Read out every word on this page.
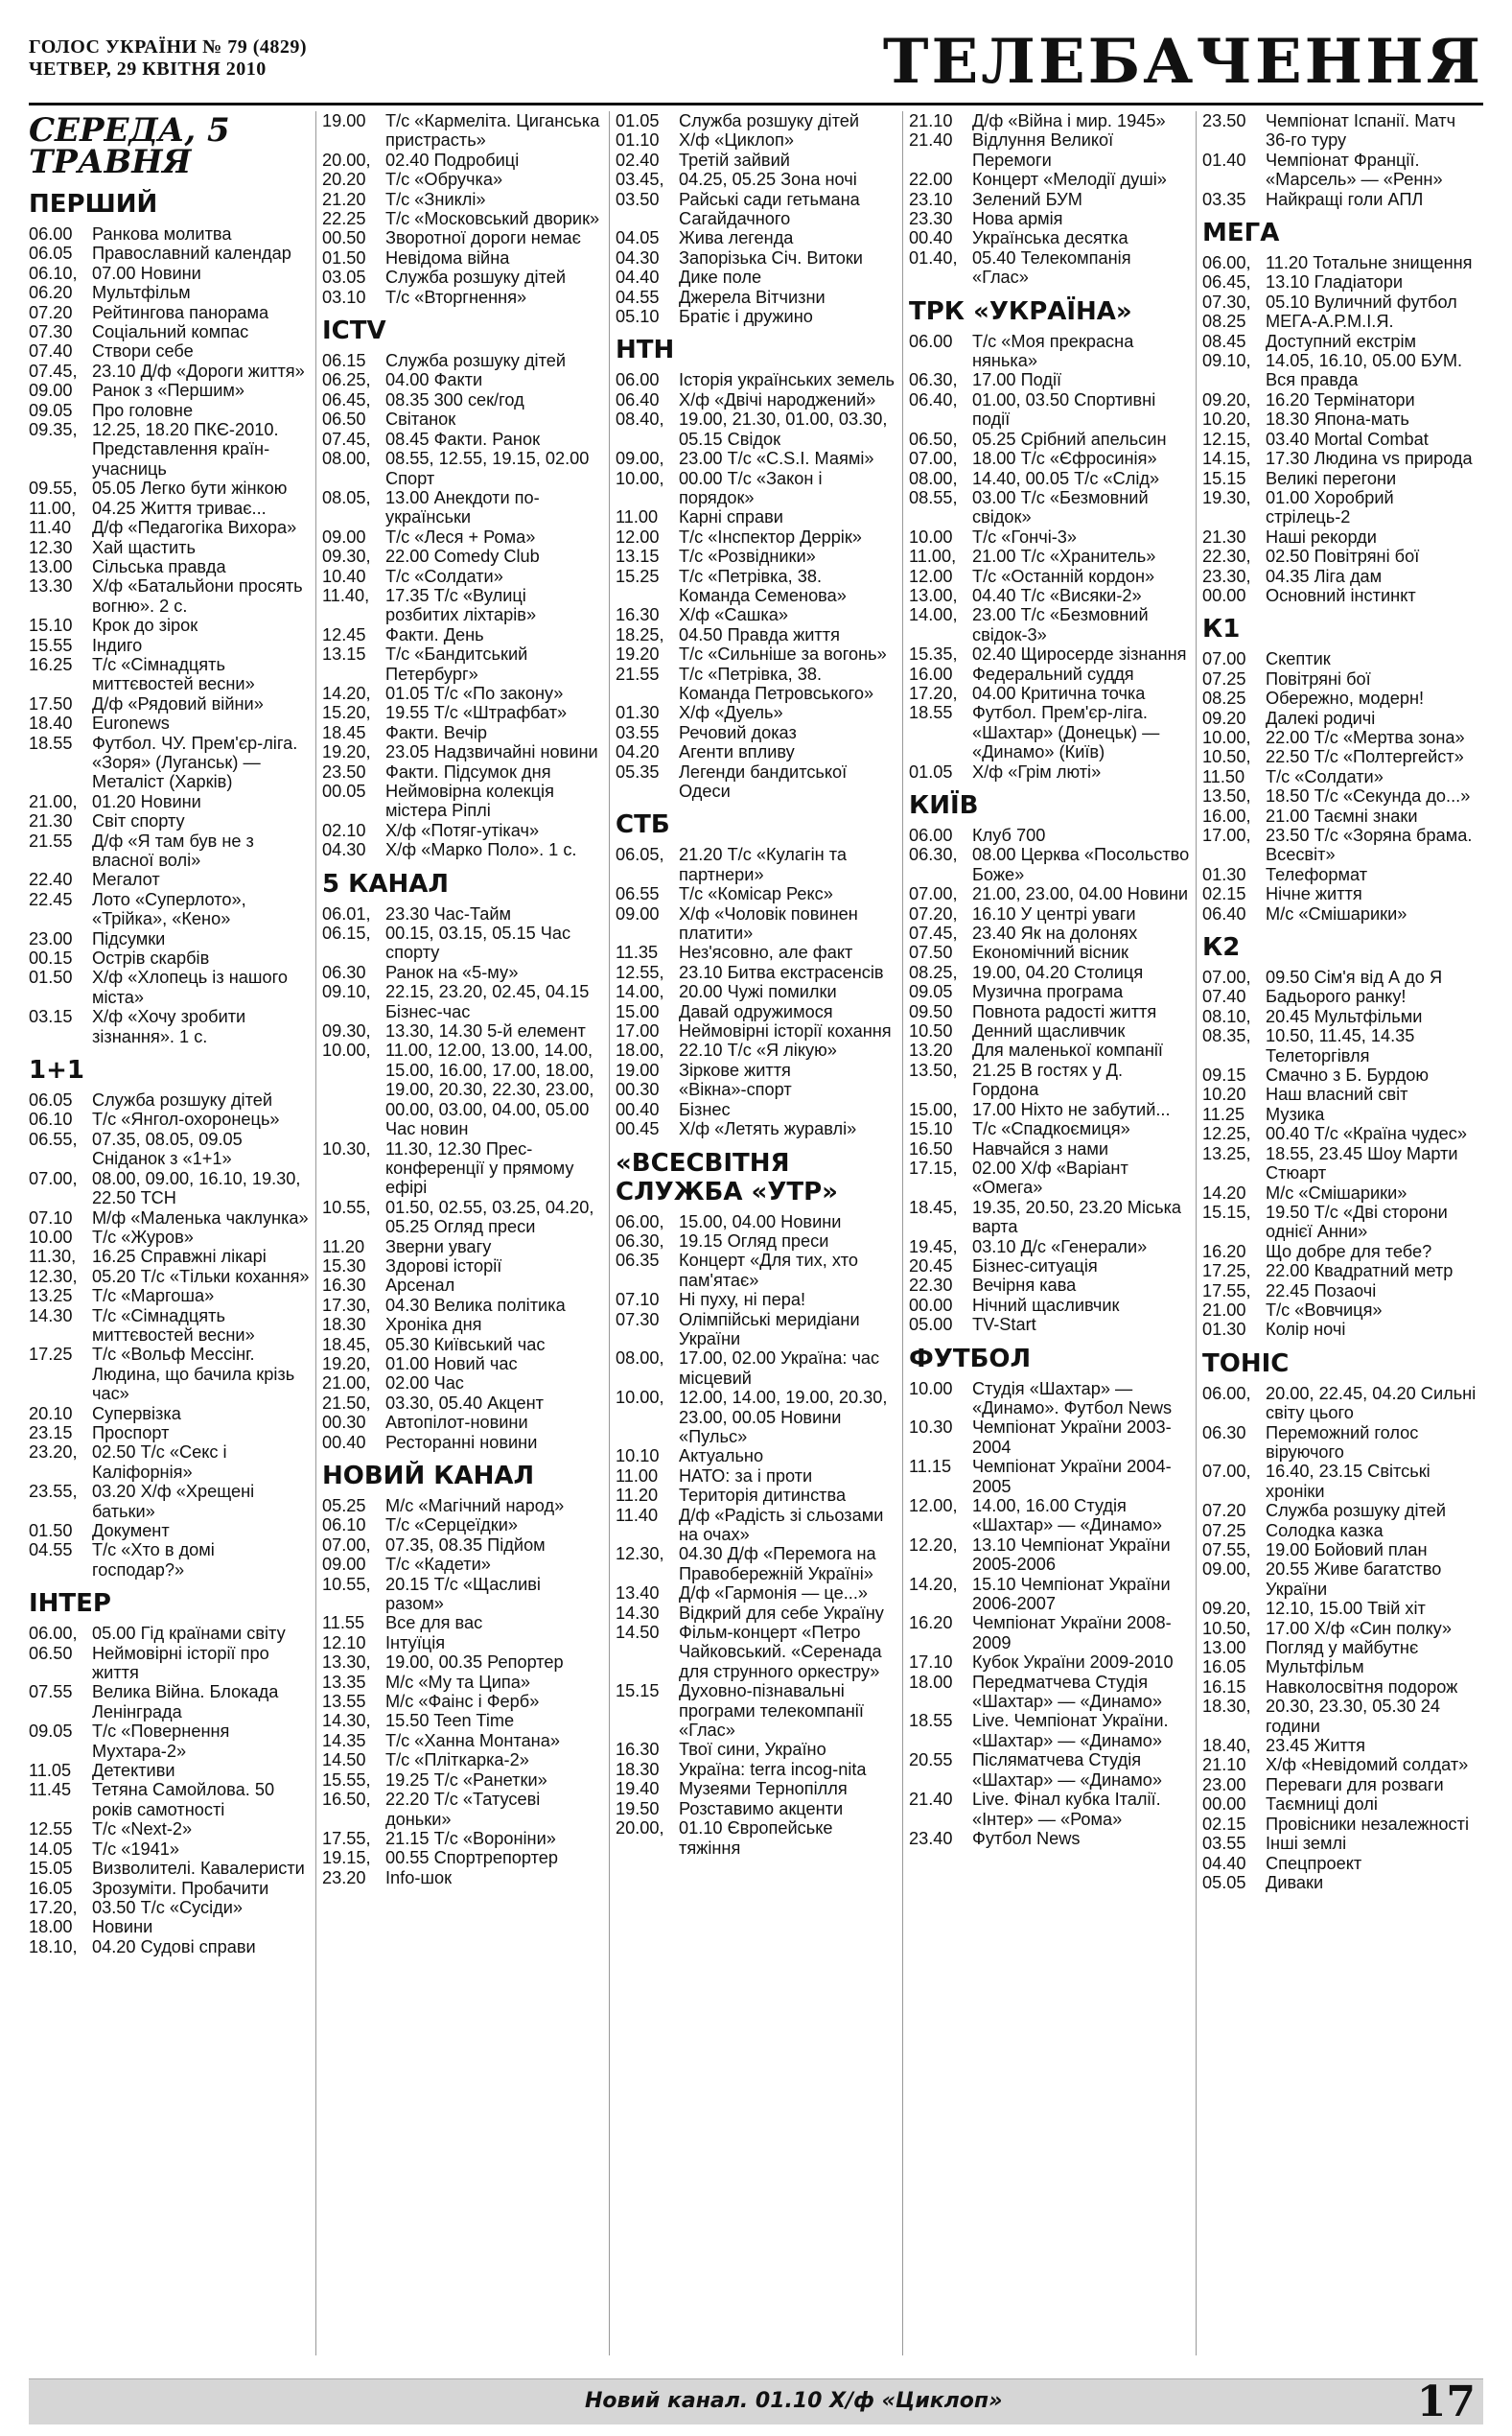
ГОЛОС УКРАЇНИ № 79 (4829)
ЧЕТВЕР, 29 КВІТНЯ 2010	ТЕЛЕБАЧЕННЯ
СЕРЕДА, 5 ТРАВНЯ
ПЕРШИЙ
06.00	Ранкова молитва
06.05	Православний календар
06.10, 07.00 Новини
06.20	Мультфільм
07.20	Рейтингова панорама
07.30	Соціальний компас
07.40	Створи себе
07.45, 23.10 Д/ф «Дороги життя»
09.00	Ранок з «Першим»
09.05	Про головне
09.35, 12.25, 18.20 ПКЄ-2010. Представлення країн-учасниць
09.55, 05.05 Легко бути жінкою
11.00, 04.25 Життя триває...
11.40	Д/ф «Педагогіка Вихора»
12.30	Хай щастить
13.00	Сільська правда
13.30	Х/ф «Батальйони просять вогню». 2 с.
15.10	Крок до зірок
15.55	Індиго
16.25	Т/с «Сімнадцять миттєвостей весни»
17.50	Д/ф «Рядовий війни»
18.40	Euronews
18.55	Футбол. ЧУ. Прем'єр-ліга. «Зоря» (Луганськ) — Металіст (Харків)
21.00, 01.20 Новини
21.30	Світ спорту
21.55	Д/ф «Я там був не з власної волі»
22.40	Мегалот
22.45	Лото «Суперлото», «Трійка», «Кено»
23.00	Підсумки
00.15	Острів скарбів
01.50	Х/ф «Хлопець із нашого міста»
03.15	Х/ф «Хочу зробити зізнання». 1 с.
1+1
06.05	Служба розшуку дітей
06.10	Т/с «Янгол-охоронець»
06.55, 07.35, 08.05, 09.05 Сніданок з «1+1»
07.00, 08.00, 09.00, 16.10, 19.30, 22.50 ТСН
07.10	М/ф «Маленька чаклунка»
10.00	Т/с «Журов»
11.30, 16.25 Справжні лікарі
12.30, 05.20 Т/с «Тільки кохання»
13.25	Т/с «Маргоша»
14.30	Т/с «Сімнадцять миттєвостей весни»
17.25	Т/с «Вольф Мессінг. Людина, що бачила крізь час»
20.10	Супервізка
23.15	Проспорт
23.20, 02.50 Т/с «Секс і Каліфорнія»
23.55, 03.20 Х/ф «Хрещені батьки»
01.50	Документ
04.55	Т/с «Хто в домі господар?»
ІНТЕР
06.00, 05.00 Гід країнами світу
06.50	Неймовірні історії про життя
07.55	Велика Війна. Блокада Ленінграда
09.05	Т/с «Повернення Мухтара-2»
11.05	Детективи
11.45	Тетяна Самойлова. 50 років самотності
12.55	Т/с «Next-2»
14.05	Т/с «1941»
15.05	Визволителі. Кавалеристи
16.05	Зрозуміти. Пробачити
17.20, 03.50 Т/с «Сусіди»
18.00	Новини
18.10, 04.20 Судові справи
19.00	Т/с «Кармеліта. Циганська пристрасть»
20.00, 02.40 Подробиці
20.20	Т/с «Обручка»
21.20	Т/с «Зниклі»
22.25	Т/с «Московський дворик»
00.50	Зворотної дороги немає
01.50	Невідома війна
03.05	Служба розшуку дітей
03.10	Т/с «Вторгнення»
ICTV
06.15	Служба розшуку дітей
06.25, 04.00 Факти
06.45, 08.35 300 сек/год
06.50	Світанок
07.45, 08.45 Факти. Ранок
08.00, 08.55, 12.55, 19.15, 02.00 Спорт
08.05, 13.00 Анекдоти по-українськи
09.00	Т/с «Леся + Рома»
09.30, 22.00 Comedy Club
10.40	Т/с «Солдати»
11.40, 17.35 Т/с «Вулиці розбитих ліхтарів»
12.45	Факти. День
13.15	Т/с «Бандитський Петербург»
14.20, 01.05 Т/с «По закону»
15.20, 19.55 Т/с «Штрафбат»
18.45	Факти. Вечір
19.20, 23.05 Надзвичайні новини
23.50	Факти. Підсумок дня
00.05	Неймовірна колекція містера Ріплі
02.10	Х/ф «Потяг-утікач»
04.30	Х/ф «Марко Поло». 1 с.
5 КАНАЛ
06.01, 23.30 Час-Тайм
06.15, 00.15, 03.15, 05.15 Час спорту
06.30	Ранок на «5-му»
09.10, 22.15, 23.20, 02.45, 04.15 Бізнес-час
09.30, 13.30, 14.30 5-й елемент
10.00, 11.00, 12.00, 13.00, 14.00, 15.00, 16.00, 17.00, 18.00, 19.00, 20.30, 22.30, 23.00, 00.00, 03.00, 04.00, 05.00 Час новин
10.30, 11.30, 12.30 Прес-конференції у прямому ефірі
10.55, 01.50, 02.55, 03.25, 04.20, 05.25 Огляд преси
11.20	Зверни увагу
15.30	Здорові історії
16.30	Арсенал
17.30, 04.30 Велика політика
18.30	Хроніка дня
18.45, 05.30 Київський час
19.20, 01.00 Новий час
21.00, 02.00 Час
21.50, 03.30, 05.40 Акцент
00.30	Автопілот-новини
00.40	Ресторанні новини
НОВИЙ КАНАЛ
05.25	М/с «Магічний народ»
06.10	Т/с «Серцеїдки»
07.00, 07.35, 08.35 Підйом
09.00	Т/с «Кадети»
10.55, 20.15 Т/с «Щасливі разом»
11.55	Все для вас
12.10	Інтуїція
13.30, 19.00, 00.35 Репортер
13.35	М/с «Му та Ципа»
13.55	М/с «Фаінс і Ферб»
14.30, 15.50 Teen Time
14.35	Т/с «Ханна Монтана»
14.50	Т/с «Пліткарка-2»
15.55, 19.25 Т/с «Ранетки»
16.50, 22.20 Т/с «Татусеві доньки»
17.55, 21.15 Т/с «Вороніни»
19.15, 00.55 Спортрепортер
23.20	Info-шок
01.05	Служба розшуку дітей
01.10	Х/ф «Циклоп»
02.40	Третій зайвий
03.45, 04.25, 05.25 Зона ночі
03.50	Райські сади гетьмана Сагайдачного
04.05	Жива легенда
04.30	Запорізька Січ. Витоки
04.40	Дике поле
04.55	Джерела Вітчизни
05.10	Братіє і дружино
НТН
06.00	Історія українських земель
06.40	Х/ф «Двічі народжений»
08.40, 19.00, 21.30, 01.00, 03.30, 05.15 Свідок
09.00, 23.00 Т/с «C.S.I. Маямі»
10.00, 00.00 Т/с «Закон і порядок»
11.00	Карні справи
12.00	Т/с «Інспектор Деррік»
13.15	Т/с «Розвідники»
15.25	Т/с «Петрівка, 38. Команда Семенова»
16.30	Х/ф «Сашка»
18.25, 04.50 Правда життя
19.20	Т/с «Сильніше за вогонь»
21.55	Т/с «Петрівка, 38. Команда Петровського»
01.30	Х/ф «Дуель»
03.55	Речовий доказ
04.20	Агенти впливу
05.35	Легенди бандитської Одеси
СТБ
06.05, 21.20 Т/с «Кулагін та партнери»
06.55	Т/с «Комісар Рекс»
09.00	Х/ф «Чоловік повинен платити»
11.35	Нез'ясовно, але факт
12.55, 23.10 Битва екстрасенсів
14.00, 20.00 Чужі помилки
15.00	Давай одружимося
17.00	Неймовірні історії кохання
18.00, 22.10 Т/с «Я лікую»
19.00	Зіркове життя
00.30	«Вікна»-спорт
00.40	Бізнес
00.45	Х/ф «Летять журавлі»
«ВСЕСВІТНЯ СЛУЖБА «УТР»
06.00, 15.00, 04.00 Новини
06.30, 19.15 Огляд преси
06.35	Концерт «Для тих, хто пам'ятає»
07.10	Ні пуху, ні пера!
07.30	Олімпійські меридіани України
08.00, 17.00, 02.00 Україна: час місцевий
10.00, 12.00, 14.00, 19.00, 20.30, 23.00, 00.05 Новини «Пульс»
10.10	Актуально
11.00	НАТО: за і проти
11.20	Територія дитинства
11.40	Д/ф «Радість зі сльозами на очах»
12.30, 04.30 Д/ф «Перемога на Правобережній Україні»
13.40	Д/ф «Гармонія — це...»
14.30	Відкрий для себе Україну
14.50	Фільм-концерт «Петро Чайковський. «Серенада для струнного оркестру»
15.15	Духовно-пізнавальні програми телекомпанії «Глас»
16.30	Твої сини, Україно
18.30	Україна: terra incog-nita
19.40	Музеями Тернопілля
19.50	Розставимо акценти
20.00, 01.10 Європейське тяжіння
21.10	Д/ф «Війна і мир. 1945»
21.40	Відлуння Великої Перемоги
22.00	Концерт «Мелодії душі»
23.10	Зелений БУМ
23.30	Нова армія
00.40	Українська десятка
01.40, 05.40 Телекомпанія «Глас»
ТРК «УКРАЇНА»
06.00	Т/с «Моя прекрасна нянька»
06.30, 17.00 Події
06.40, 01.00, 03.50 Спортивні події
06.50, 05.25 Срібний апельсин
07.00, 18.00 Т/с «Єфросинія»
08.00, 14.40, 00.05 Т/с «Слід»
08.55, 03.00 Т/с «Безмовний свідок»
10.00	Т/с «Гончі-3»
11.00, 21.00 Т/с «Хранитель»
12.00	Т/с «Останній кордон»
13.00, 04.40 Т/с «Висяки-2»
14.00, 23.00 Т/с «Безмовний свідок-3»
15.35, 02.40 Щиросерде зізнання
16.00	Федеральний суддя
17.20, 04.00 Критична точка
18.55	Футбол. Прем'єр-ліга. «Шахтар» (Донецьк) — «Динамо» (Київ)
01.05	Х/ф «Грім люті»
КИЇВ
06.00	Клуб 700
06.30, 08.00 Церква «Посольство Боже»
07.00, 21.00, 23.00, 04.00 Новини
07.20, 16.10 У центрі уваги
07.45, 23.40 Як на долонях
07.50	Економічний вісник
08.25, 19.00, 04.20 Столиця
09.05	Музична програма
09.50	Повнота радості життя
10.50	Денний щасливчик
13.20	Для маленької компанії
13.50, 21.25 В гостях у Д. Гордона
15.00, 17.00 Ніхто не забутий...
15.10	Т/с «Спадкоємиця»
16.50	Навчайся з нами
17.15, 02.00 Х/ф «Варіант «Омега»
18.45, 19.35, 20.50, 23.20 Міська варта
19.45, 03.10 Д/с «Генерали»
20.45	Бізнес-ситуація
22.30	Вечірня кава
00.00	Нічний щасливчик
05.00	TV-Start
ФУТБОЛ
10.00	Студія «Шахтар» — «Динамо». Футбол News
10.30	Чемпіонат України 2003-2004
11.15	Чемпіонат України 2004-2005
12.00, 14.00, 16.00 Студія «Шахтар» — «Динамо»
12.20, 13.10 Чемпіонат України 2005-2006
14.20, 15.10 Чемпіонат України 2006-2007
16.20	Чемпіонат України 2008-2009
17.10	Кубок України 2009-2010
18.00	Передматчева Студія «Шахтар» — «Динамо»
18.55	Live. Чемпіонат України. «Шахтар» — «Динамо»
20.55	Післяматчева Студія «Шахтар» — «Динамо»
21.40	Live. Фінал кубка Італії. «Інтер» — «Рома»
23.40	Футбол News
23.50	Чемпіонат Іспанії. Матч 36-го туру
01.40	Чемпіонат Франції. «Марсель» — «Ренн»
03.35	Найкращі голи АПЛ
МЕГА
06.00, 11.20 Тотальне знищення
06.45, 13.10 Гладіатори
07.30, 05.10 Вуличний футбол
08.25	МЕГА-А.Р.М.І.Я.
08.45	Доступний екстрім
09.10, 14.05, 16.10, 05.00 БУМ. Вся правда
09.20, 16.20 Термінатори
10.20, 18.30 Япона-мать
12.15, 03.40 Mortal Combat
14.15, 17.30 Людина vs природа
15.15	Великі перегони
19.30, 01.00 Хоробрий стрілець-2
21.30	Наші рекорди
22.30, 02.50 Повітряні бої
23.30, 04.35 Ліга дам
00.00	Основний інстинкт
К1
07.00	Скептик
07.25	Повітряні бої
08.25	Обережно, модерн!
09.20	Далекі родичі
10.00, 22.00 Т/с «Мертва зона»
10.50, 22.50 Т/с «Полтергейст»
11.50	Т/с «Солдати»
13.50, 18.50 Т/с «Секунда до...»
16.00, 21.00 Таємні знаки
17.00, 23.50 Т/с «Зоряна брама. Всесвіт»
01.30	Телеформат
02.15	Нічне життя
06.40	М/с «Смішарики»
К2
07.00, 09.50 Сім'я від А до Я
07.40	Бадьорого ранку!
08.10, 20.45 Мультфільми
08.35, 10.50, 11.45, 14.35 Телеторгівля
09.15	Смачно з Б. Бурдою
10.20	Наш власний світ
11.25	Музика
12.25, 00.40 Т/с «Країна чудес»
13.25, 18.55, 23.45 Шоу Марти Стюарт
14.20	М/с «Смішарики»
15.15, 19.50 Т/с «Дві сторони однієї Анни»
16.20	Що добре для тебе?
17.25, 22.00 Квадратний метр
17.55, 22.45 Позаочі
21.00	Т/с «Вовчиця»
01.30	Колір ночі
ТОНІС
06.00, 20.00, 22.45, 04.20 Сильні світу цього
06.30	Переможний голос віруючого
07.00, 16.40, 23.15 Світські хроніки
07.20	Служба розшуку дітей
07.25	Солодка казка
07.55, 19.00 Бойовий план
09.00, 20.55 Живе багатство України
09.20, 12.10, 15.00 Твій хіт
10.50, 17.00 Х/ф «Син полку»
13.00	Погляд у майбутнє
16.05	Мультфільм
16.15	Навколосвітня подорож
18.30, 20.30, 23.30, 05.30 24 години
18.40, 23.45 Життя
21.10	Х/ф «Невідомий солдат»
23.00	Переваги для розваги
00.00	Таємниці долі
02.15	Провісники незалежності
03.55	Інші землі
04.40	Спецпроект
05.05	Диваки
Новий канал. 01.10 Х/ф «Циклоп»	17
